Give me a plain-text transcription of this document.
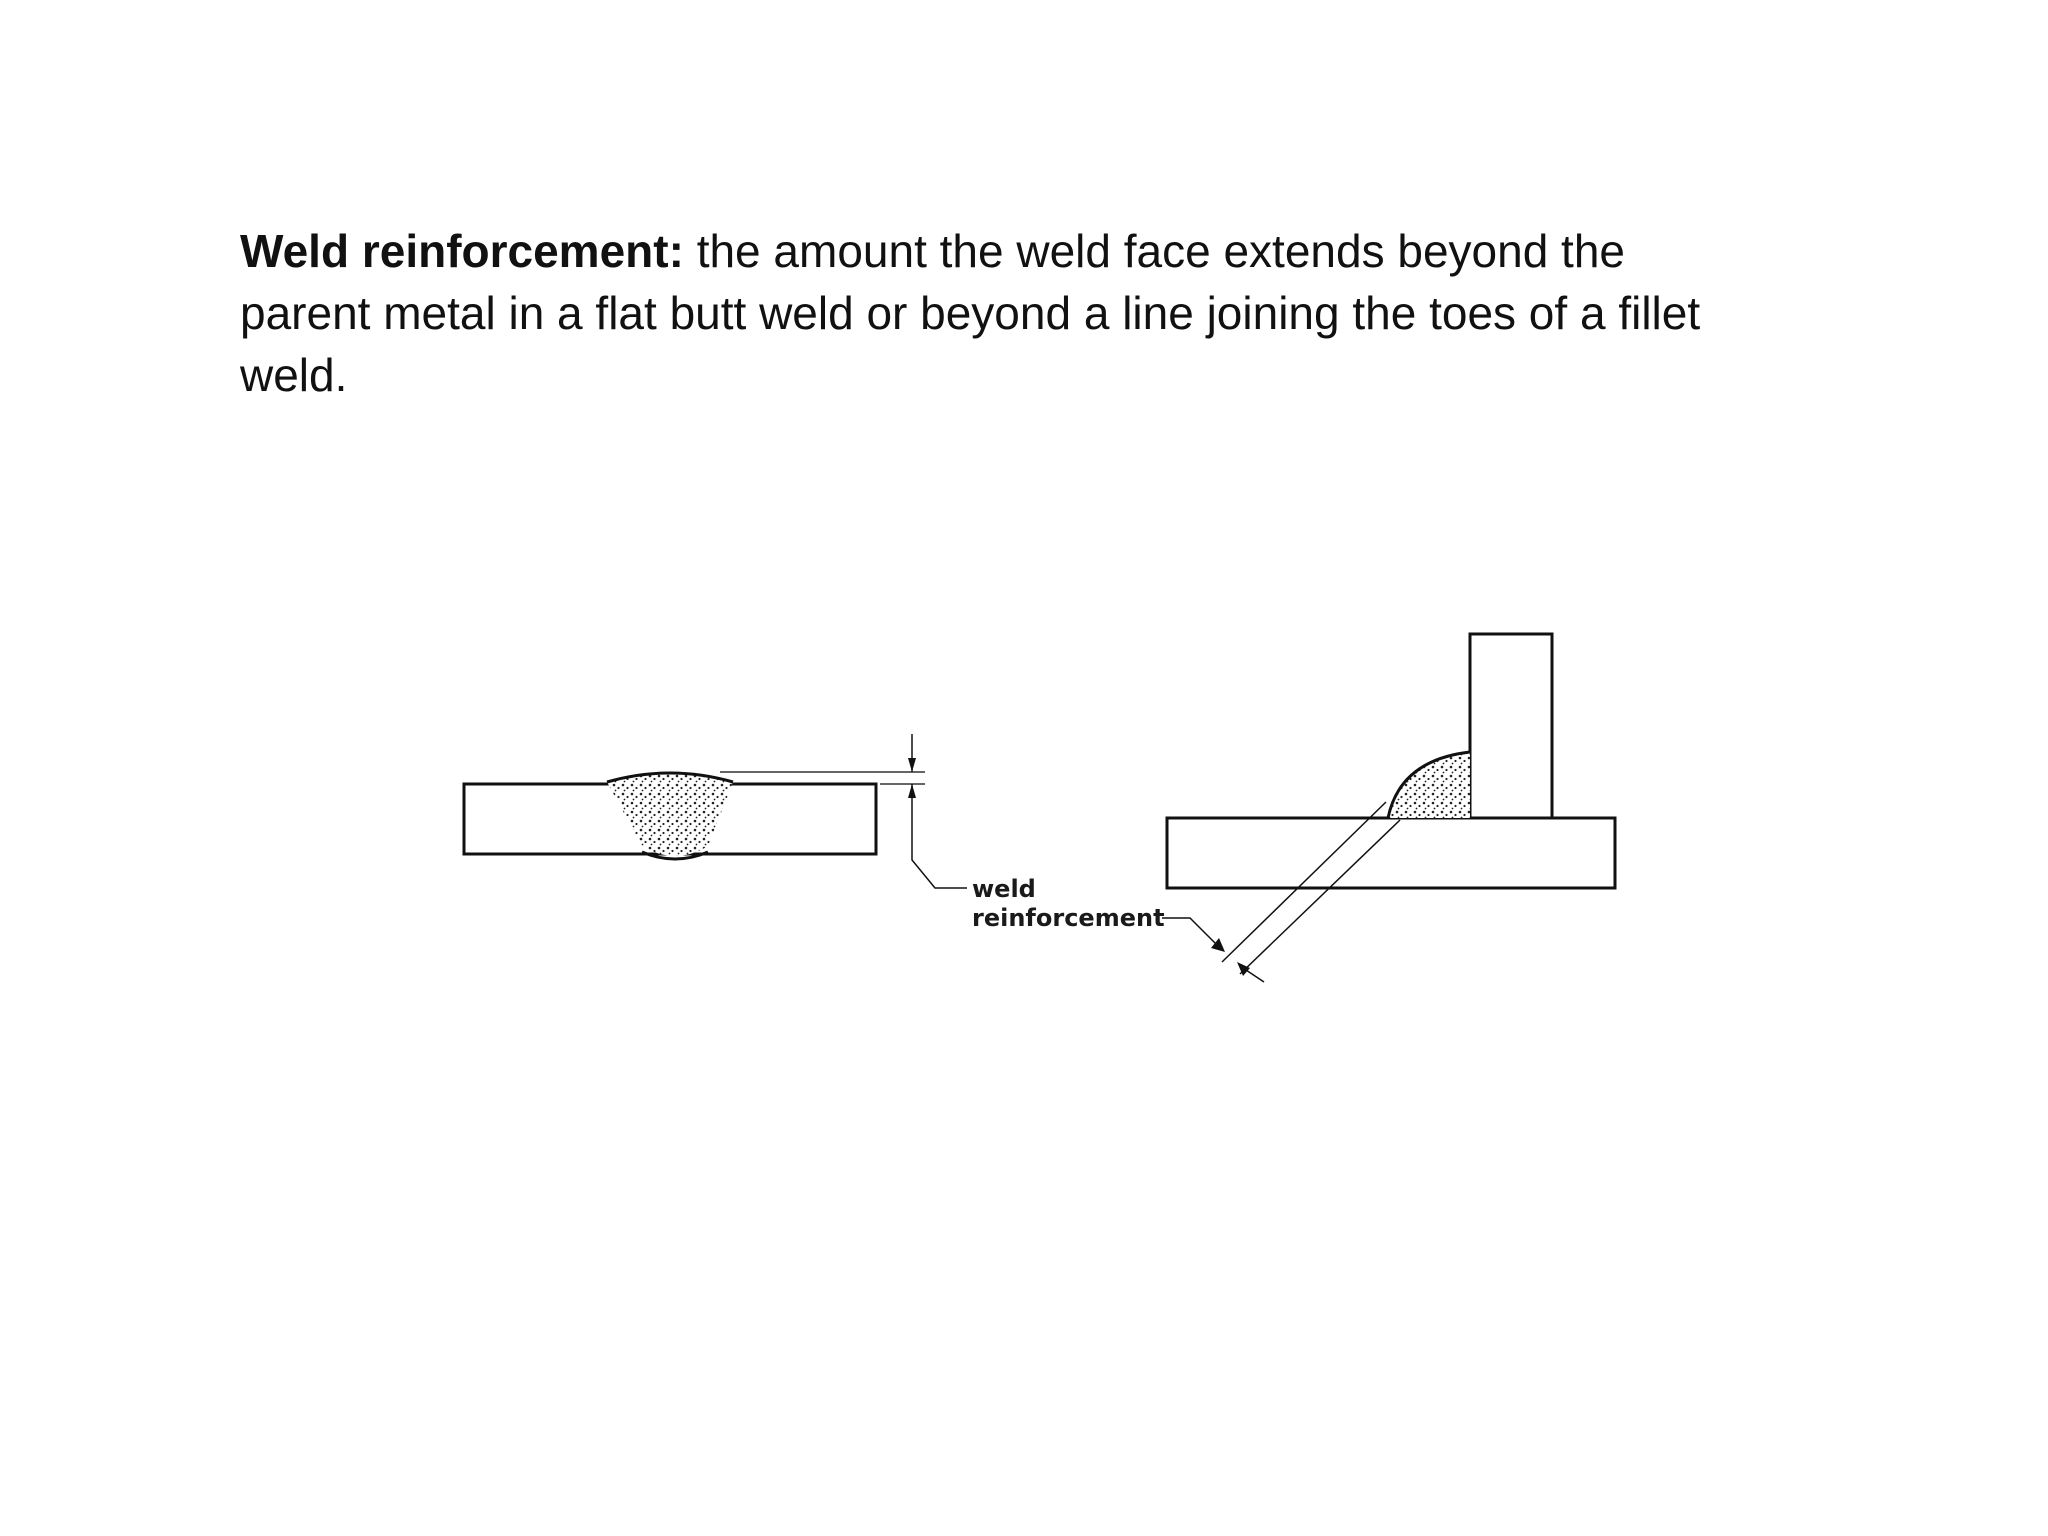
Weld reinforcement: the amount the weld face extends beyond the parent metal in a flat butt weld or beyond a line joining the toes of a fillet weld.

weld
reinforcement
